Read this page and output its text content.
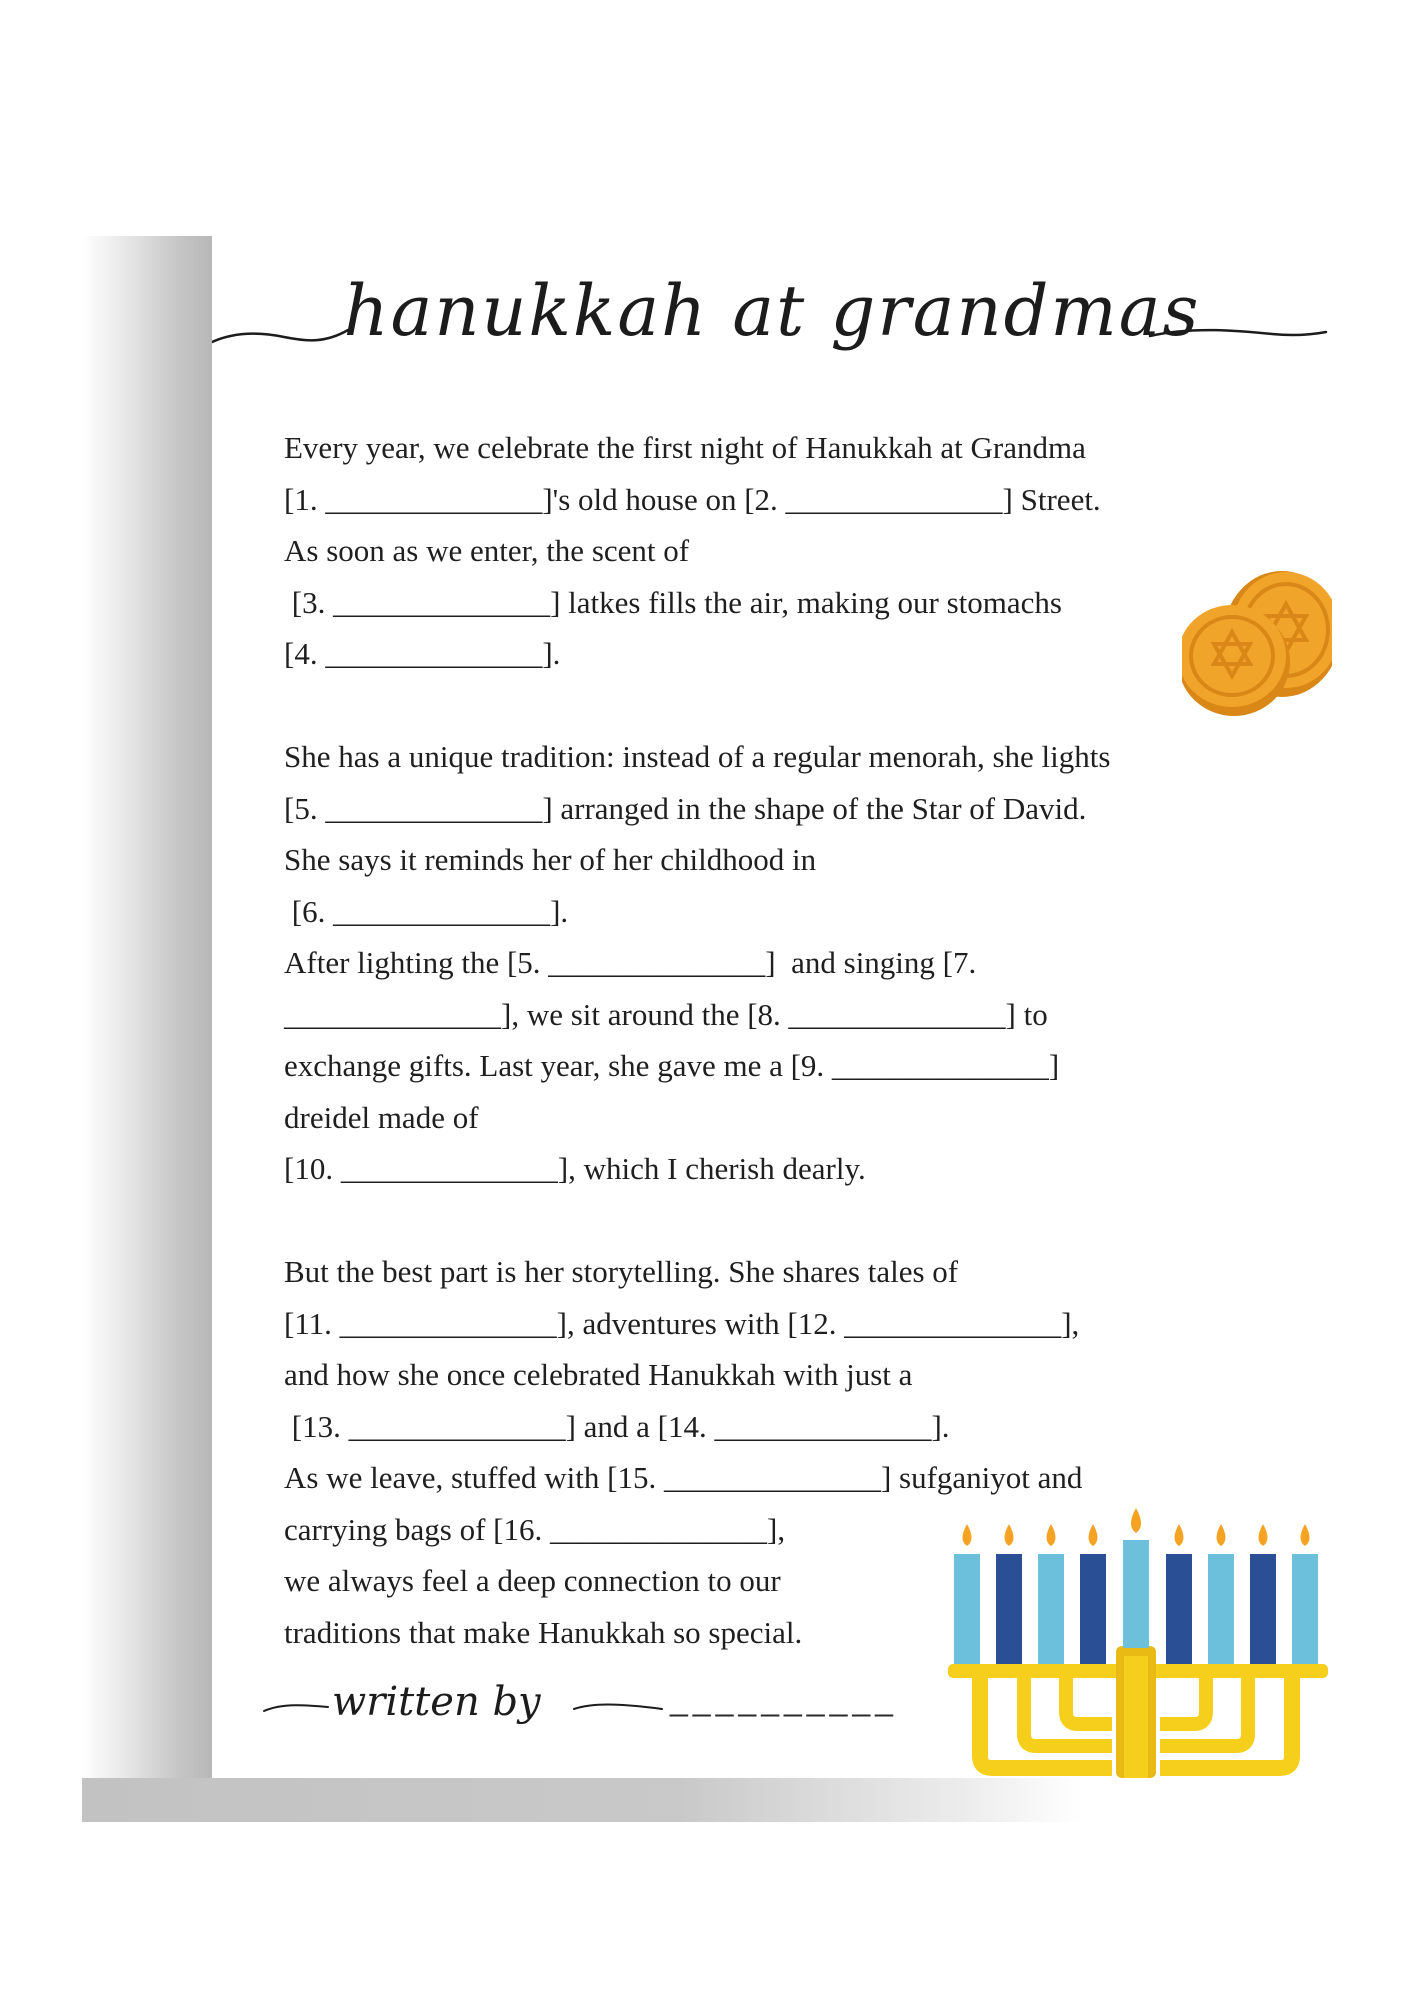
hanukkah at grandmas
Every year, we celebrate the first night of Hanukkah at Grandma
[1. ______________]'s old house on [2. ______________] Street.
As soon as we enter, the scent of
[3. ______________] latkes fills the air, making our stomachs
[4. ______________].
She has a unique tradition: instead of a regular menorah, she lights
[5. ______________] arranged in the shape of the Star of David.
She says it reminds her of her childhood in
[6. ______________].
After lighting the [5. ______________]  and singing [7.
______________], we sit around the [8. ______________] to
exchange gifts. Last year, she gave me a [9. ______________]
dreidel made of
[10. ______________], which I cherish dearly.
But the best part is her storytelling. She shares tales of
[11. ______________], adventures with [12. ______________],
and how she once celebrated Hanukkah with just a
[13. ______________] and a [14. ______________].
As we leave, stuffed with [15. ______________] sufganiyot and
carrying bags of [16. ______________],
we always feel a deep connection to our
traditions that make Hanukkah so special.
written by	__________
